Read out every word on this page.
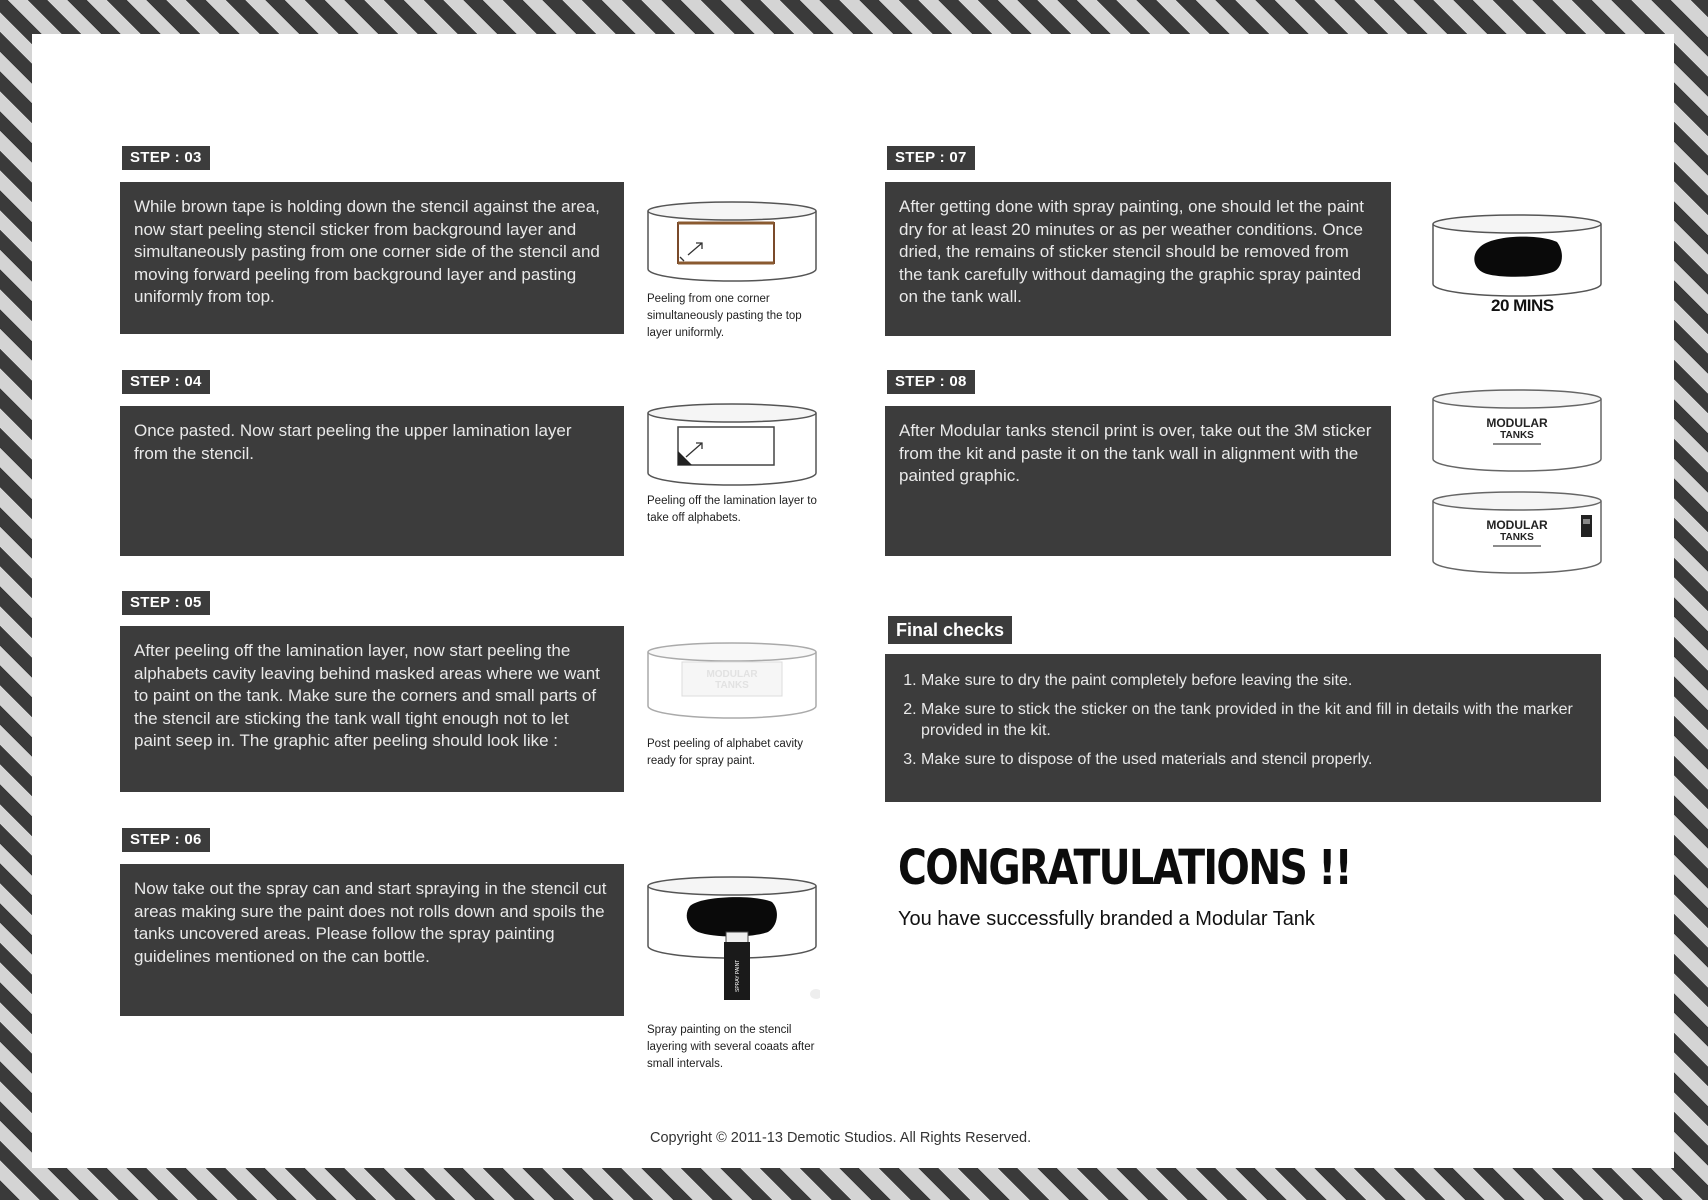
STEP : 03
While brown tape is holding down the stencil against the area, now start peeling stencil sticker from background layer and simultaneously pasting from one corner side of the stencil and moving forward peeling from background layer and pasting uniformly from top.	Peeling from one corner simultaneously pasting the top layer uniformly.
STEP : 04
Once pasted. Now start peeling the upper lamination layer from the stencil.
Peeling off the lamination layer to take off alphabets.
STEP : 05
After peeling off the lamination layer, now start peeling the alphabets cavity leaving behind masked areas where we want to paint on the tank. Make sure the corners and small parts of the stencil are sticking the tank wall tight enough not to let paint seep in. The graphic after peeling should look like :
MODULAR
TANKS
Post peeling of alphabet cavity ready for spray paint.
STEP : 06
Now take out the spray can and start spraying in the stencil cut areas making sure the paint does not rolls down and spoils the tanks uncovered areas. Please follow the spray painting guidelines mentioned on the can bottle.
SPRAY PAINT
Spray painting on the stencil layering with several coaats after small intervals.
STEP : 07
After getting done with spray painting, one should let the paint dry for at least 20 minutes or as per weather conditions. Once dried, the remains of sticker stencil should be removed from the tank carefully without damaging the graphic spray painted on the tank wall.	20 MINS
STEP : 08
After Modular tanks stencil print is over, take out the 3M sticker from the kit and paste it on the tank wall in alignment with the painted graphic.
MODULAR
TANKS
MODULAR
TANKS
Final checks
1. Make sure to dry the paint completely before leaving the site.
2. Make sure to stick the sticker on the tank provided in the kit and fill in details with the marker provided in the kit.
3. Make sure to dispose of the used materials and stencil properly.
CONGRATULATIONS !!
You have successfully branded a Modular Tank
Copyright © 2011-13 Demotic Studios. All Rights Reserved.
